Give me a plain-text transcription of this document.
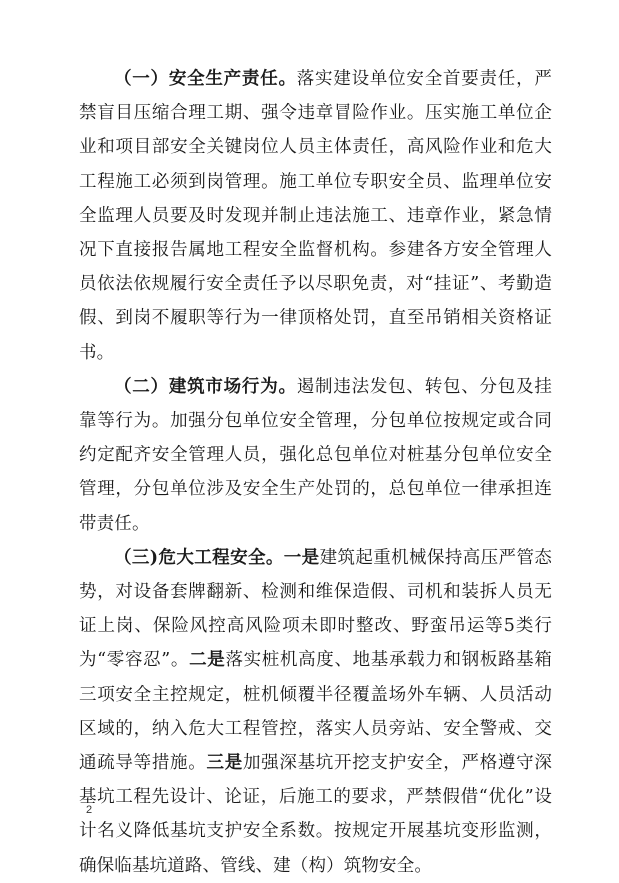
（一）安全生产责任。落实建设单位安全首要责任，严禁盲目压缩合理工期、强令违章冒险作业。压实施工单位企业和项目部安全关键岗位人员主体责任，高风险作业和危大工程施工必须到岗管理。施工单位专职安全员、监理单位安全监理人员要及时发现并制止违法施工、违章作业，紧急情况下直接报告属地工程安全监督机构。参建各方安全管理人员依法依规履行安全责任予以尽职免责，对“挂证”、考勤造假、到岗不履职等行为一律顶格处罚，直至吊销相关资格证书。

（二）建筑市场行为。遏制违法发包、转包、分包及挂靠等行为。加强分包单位安全管理，分包单位按规定或合同约定配齐安全管理人员，强化总包单位对桩基分包单位安全管理，分包单位涉及安全生产处罚的，总包单位一律承担连带责任。

（三)危大工程安全。一是建筑起重机械保持高压严管态势，对设备套牌翻新、检测和维保造假、司机和装拆人员无证上岗、保险风控高风险项未即时整改、野蛮吊运等5类行为“零容忍”。二是落实桩机高度、地基承载力和钢板路基箱三项安全主控规定，桩机倾覆半径覆盖场外车辆、人员活动区域的，纳入危大工程管控，落实人员旁站、安全警戒、交通疏导等措施。三是加强深基坑开挖支护安全，严格遵守深基坑工程先设计、论证，后施工的要求，严禁假借“优化”设计名义降低基坑支护安全系数。按规定开展基坑变形监测，确保临基坑道路、管线、建（构）筑物安全。

2
